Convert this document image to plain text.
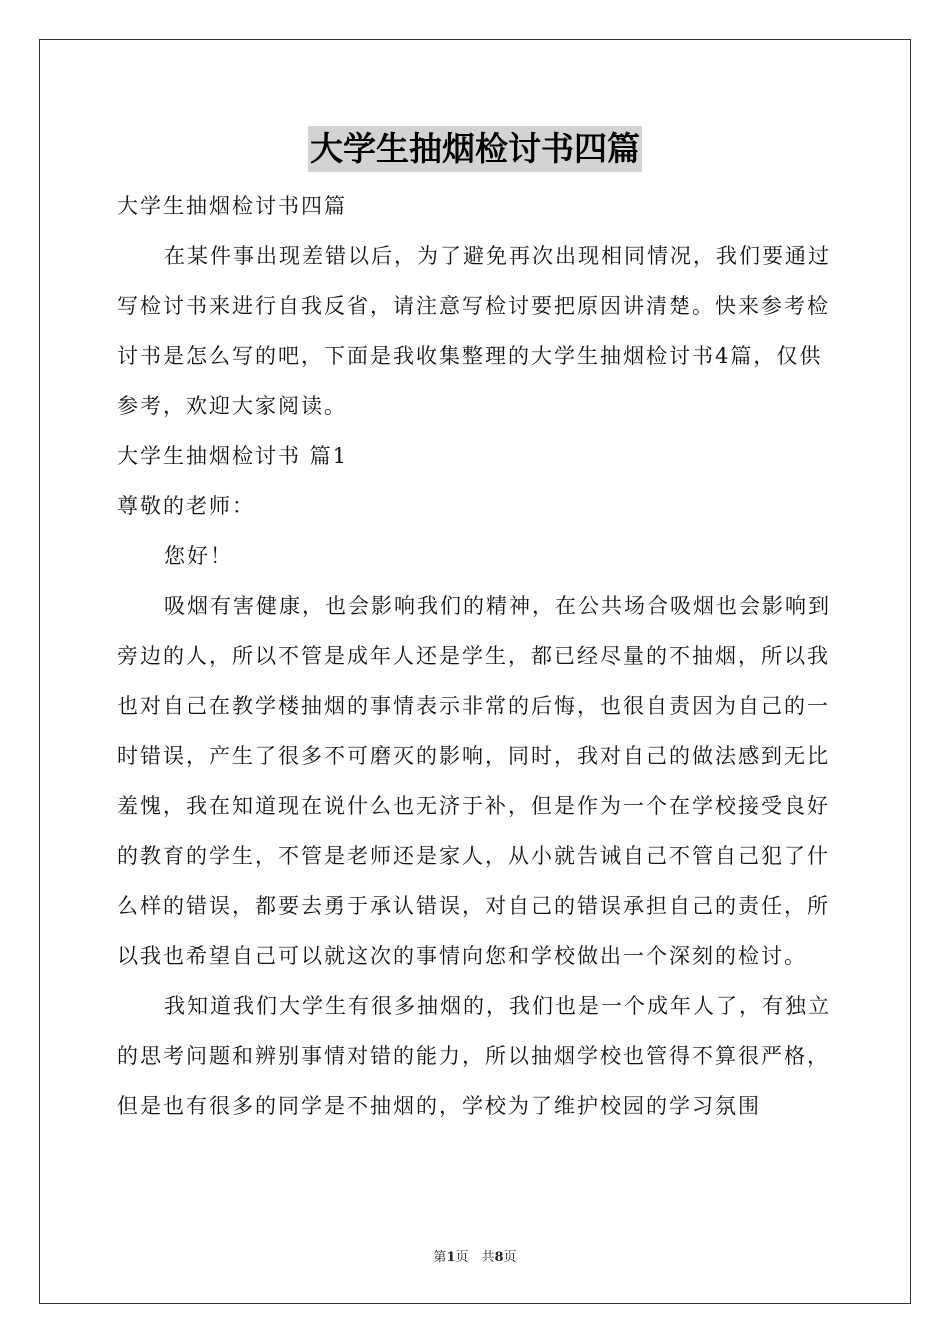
大学生抽烟检讨书四篇

大学生抽烟检讨书四篇

在某件事出现差错以后，为了避免再次出现相同情况，我们要通过写检讨书来进行自我反省，请注意写检讨要把原因讲清楚。快来参考检讨书是怎么写的吧，下面是我收集整理的大学生抽烟检讨书4篇，仅供参考，欢迎大家阅读。

大学生抽烟检讨书 篇1

尊敬的老师：

您好！

吸烟有害健康，也会影响我们的精神，在公共场合吸烟也会影响到旁边的人，所以不管是成年人还是学生，都已经尽量的不抽烟，所以我也对自己在教学楼抽烟的事情表示非常的后悔，也很自责因为自己的一时错误，产生了很多不可磨灭的影响，同时，我对自己的做法感到无比羞愧，我在知道现在说什么也无济于补，但是作为一个在学校接受良好的教育的学生，不管是老师还是家人，从小就告诫自己不管自己犯了什么样的错误，都要去勇于承认错误，对自己的错误承担自己的责任，所以我也希望自己可以就这次的事情向您和学校做出一个深刻的检讨。

我知道我们大学生有很多抽烟的，我们也是一个成年人了，有独立的思考问题和辨别事情对错的能力，所以抽烟学校也管得不算很严格，但是也有很多的同学是不抽烟的，学校为了维护校园的学习氛围

第1页　共8页
